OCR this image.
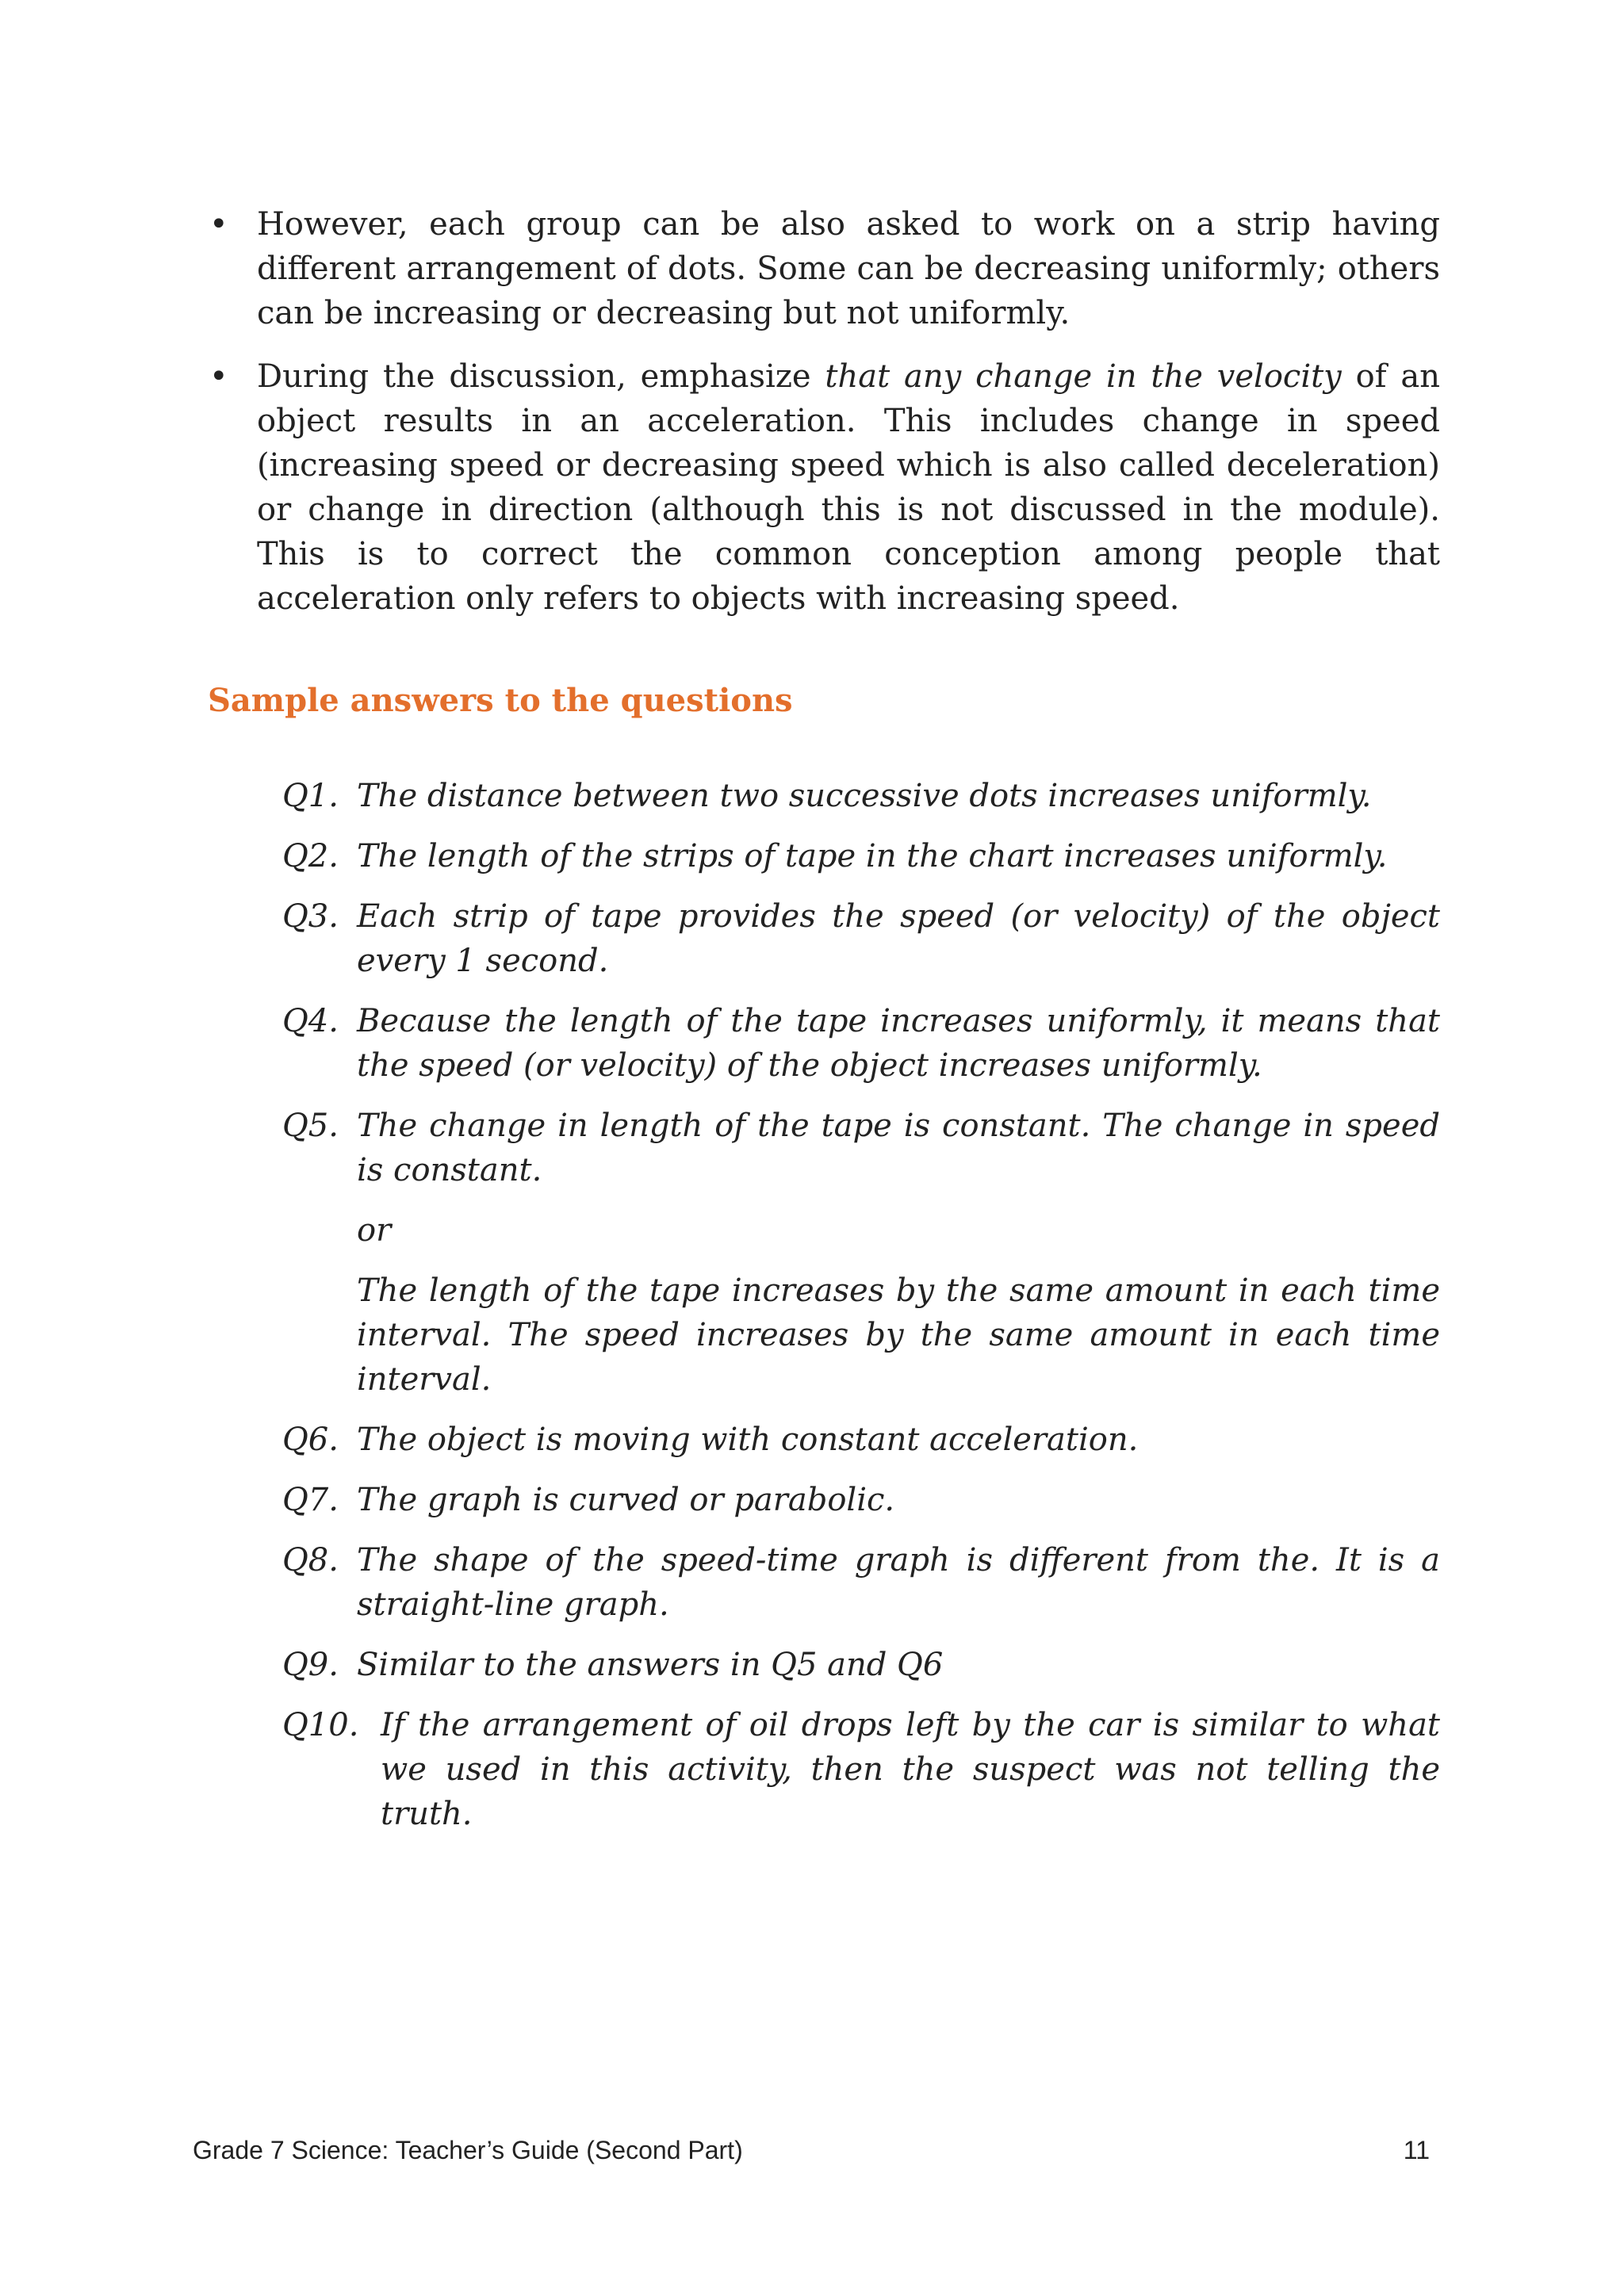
• However, each group can be also asked to work on a strip having different arrangement of dots. Some can be decreasing uniformly; others can be increasing or decreasing but not uniformly.
• During the discussion, emphasize that any change in the velocity of an object results in an acceleration. This includes change in speed (increasing speed or decreasing speed which is also called deceleration) or change in direction (although this is not discussed in the module). This is to correct the common conception among people that acceleration only refers to objects with increasing speed.
Sample answers to the questions
Q1. The distance between two successive dots increases uniformly.

Q2. The length of the strips of tape in the chart increases uniformly.

Q3. Each strip of tape provides the speed (or velocity) of the object every 1 second.

Q4. Because the length of the tape increases uniformly, it means that the speed (or velocity) of the object increases uniformly.

Q5. The change in length of the tape is constant. The change in speed is constant.

or

The length of the tape increases by the same amount in each time interval. The speed increases by the same amount in each time interval.

Q6. The object is moving with constant acceleration.

Q7. The graph is curved or parabolic.

Q8. The shape of the speed-time graph is different from the. It is a straight-line graph.

Q9. Similar to the answers in Q5 and Q6

Q10. If the arrangement of oil drops left by the car is similar to what we used in this activity, then the suspect was not telling the truth.

Grade 7 Science: Teacher’s Guide (Second Part)	11
